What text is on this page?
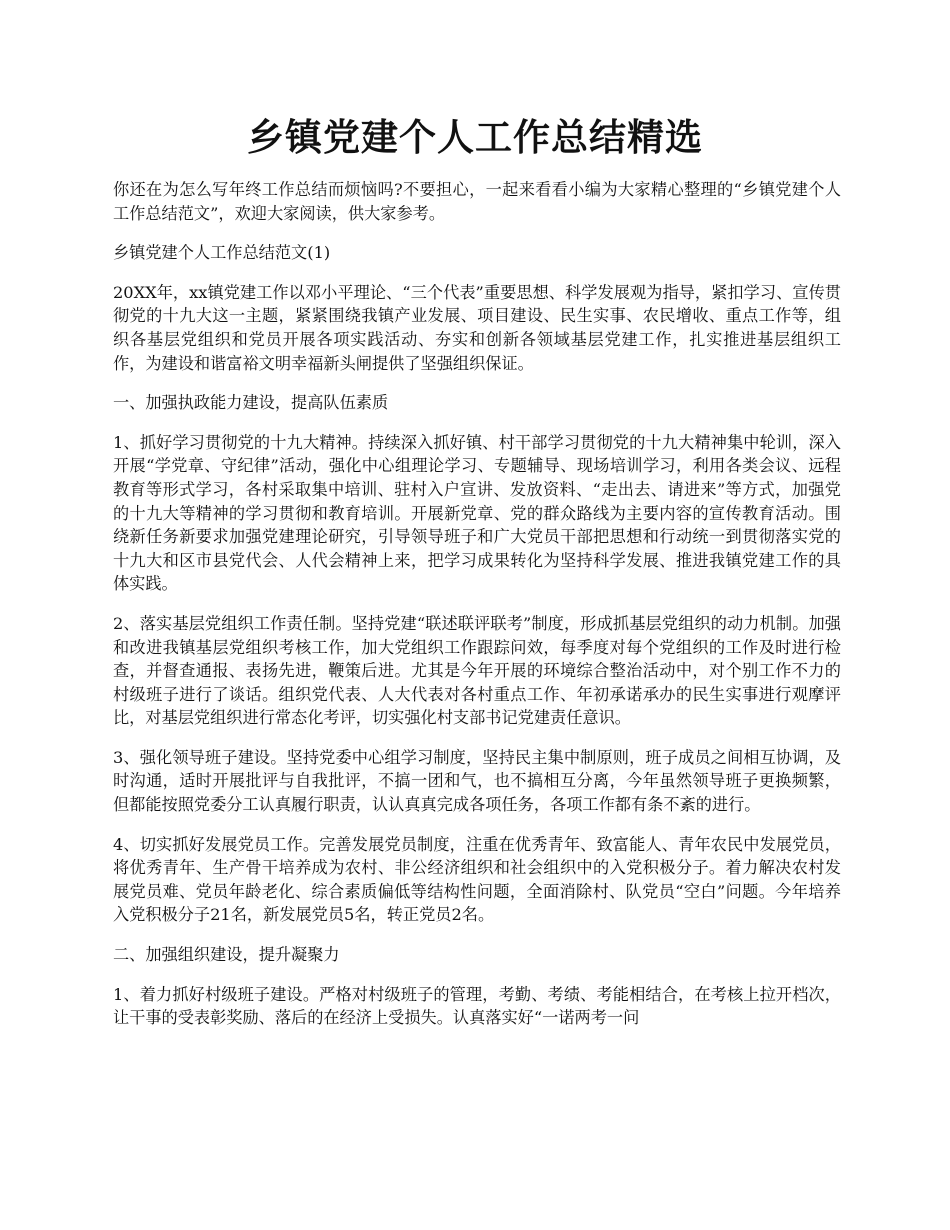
乡镇党建个人工作总结精选

你还在为怎么写年终工作总结而烦恼吗?不要担心，一起来看看小编为大家精心整理的“乡镇党建个人工作总结范文”，欢迎大家阅读，供大家参考。

乡镇党建个人工作总结范文(1)

20XX年，xx镇党建工作以邓小平理论、“三个代表”重要思想、科学发展观为指导，紧扣学习、宣传贯彻党的十九大这一主题，紧紧围绕我镇产业发展、项目建设、民生实事、农民增收、重点工作等，组织各基层党组织和党员开展各项实践活动、夯实和创新各领域基层党建工作，扎实推进基层组织工作，为建设和谐富裕文明幸福新头闸提供了坚强组织保证。

一、加强执政能力建设，提高队伍素质

1、抓好学习贯彻党的十九大精神。持续深入抓好镇、村干部学习贯彻党的十九大精神集中轮训，深入开展“学党章、守纪律”活动，强化中心组理论学习、专题辅导、现场培训学习，利用各类会议、远程教育等形式学习，各村采取集中培训、驻村入户宣讲、发放资料、“走出去、请进来”等方式，加强党的十九大等精神的学习贯彻和教育培训。开展新党章、党的群众路线为主要内容的宣传教育活动。围绕新任务新要求加强党建理论研究，引导领导班子和广大党员干部把思想和行动统一到贯彻落实党的十九大和区市县党代会、人代会精神上来，把学习成果转化为坚持科学发展、推进我镇党建工作的具体实践。

2、落实基层党组织工作责任制。坚持党建“联述联评联考”制度，形成抓基层党组织的动力机制。加强和改进我镇基层党组织考核工作，加大党组织工作跟踪问效，每季度对每个党组织的工作及时进行检查，并督查通报、表扬先进，鞭策后进。尤其是今年开展的环境综合整治活动中，对个别工作不力的村级班子进行了谈话。组织党代表、人大代表对各村重点工作、年初承诺承办的民生实事进行观摩评比，对基层党组织进行常态化考评，切实强化村支部书记党建责任意识。

3、强化领导班子建设。坚持党委中心组学习制度，坚持民主集中制原则，班子成员之间相互协调，及时沟通，适时开展批评与自我批评，不搞一团和气，也不搞相互分离，今年虽然领导班子更换频繁，但都能按照党委分工认真履行职责，认认真真完成各项任务，各项工作都有条不紊的进行。

4、切实抓好发展党员工作。完善发展党员制度，注重在优秀青年、致富能人、青年农民中发展党员，将优秀青年、生产骨干培养成为农村、非公经济组织和社会组织中的入党积极分子。着力解决农村发展党员难、党员年龄老化、综合素质偏低等结构性问题，全面消除村、队党员“空白”问题。今年培养入党积极分子21名，新发展党员5名，转正党员2名。

二、加强组织建设，提升凝聚力

1、着力抓好村级班子建设。严格对村级班子的管理，考勤、考绩、考能相结合，在考核上拉开档次，让干事的受表彰奖励、落后的在经济上受损失。认真落实好“一诺两考一问
